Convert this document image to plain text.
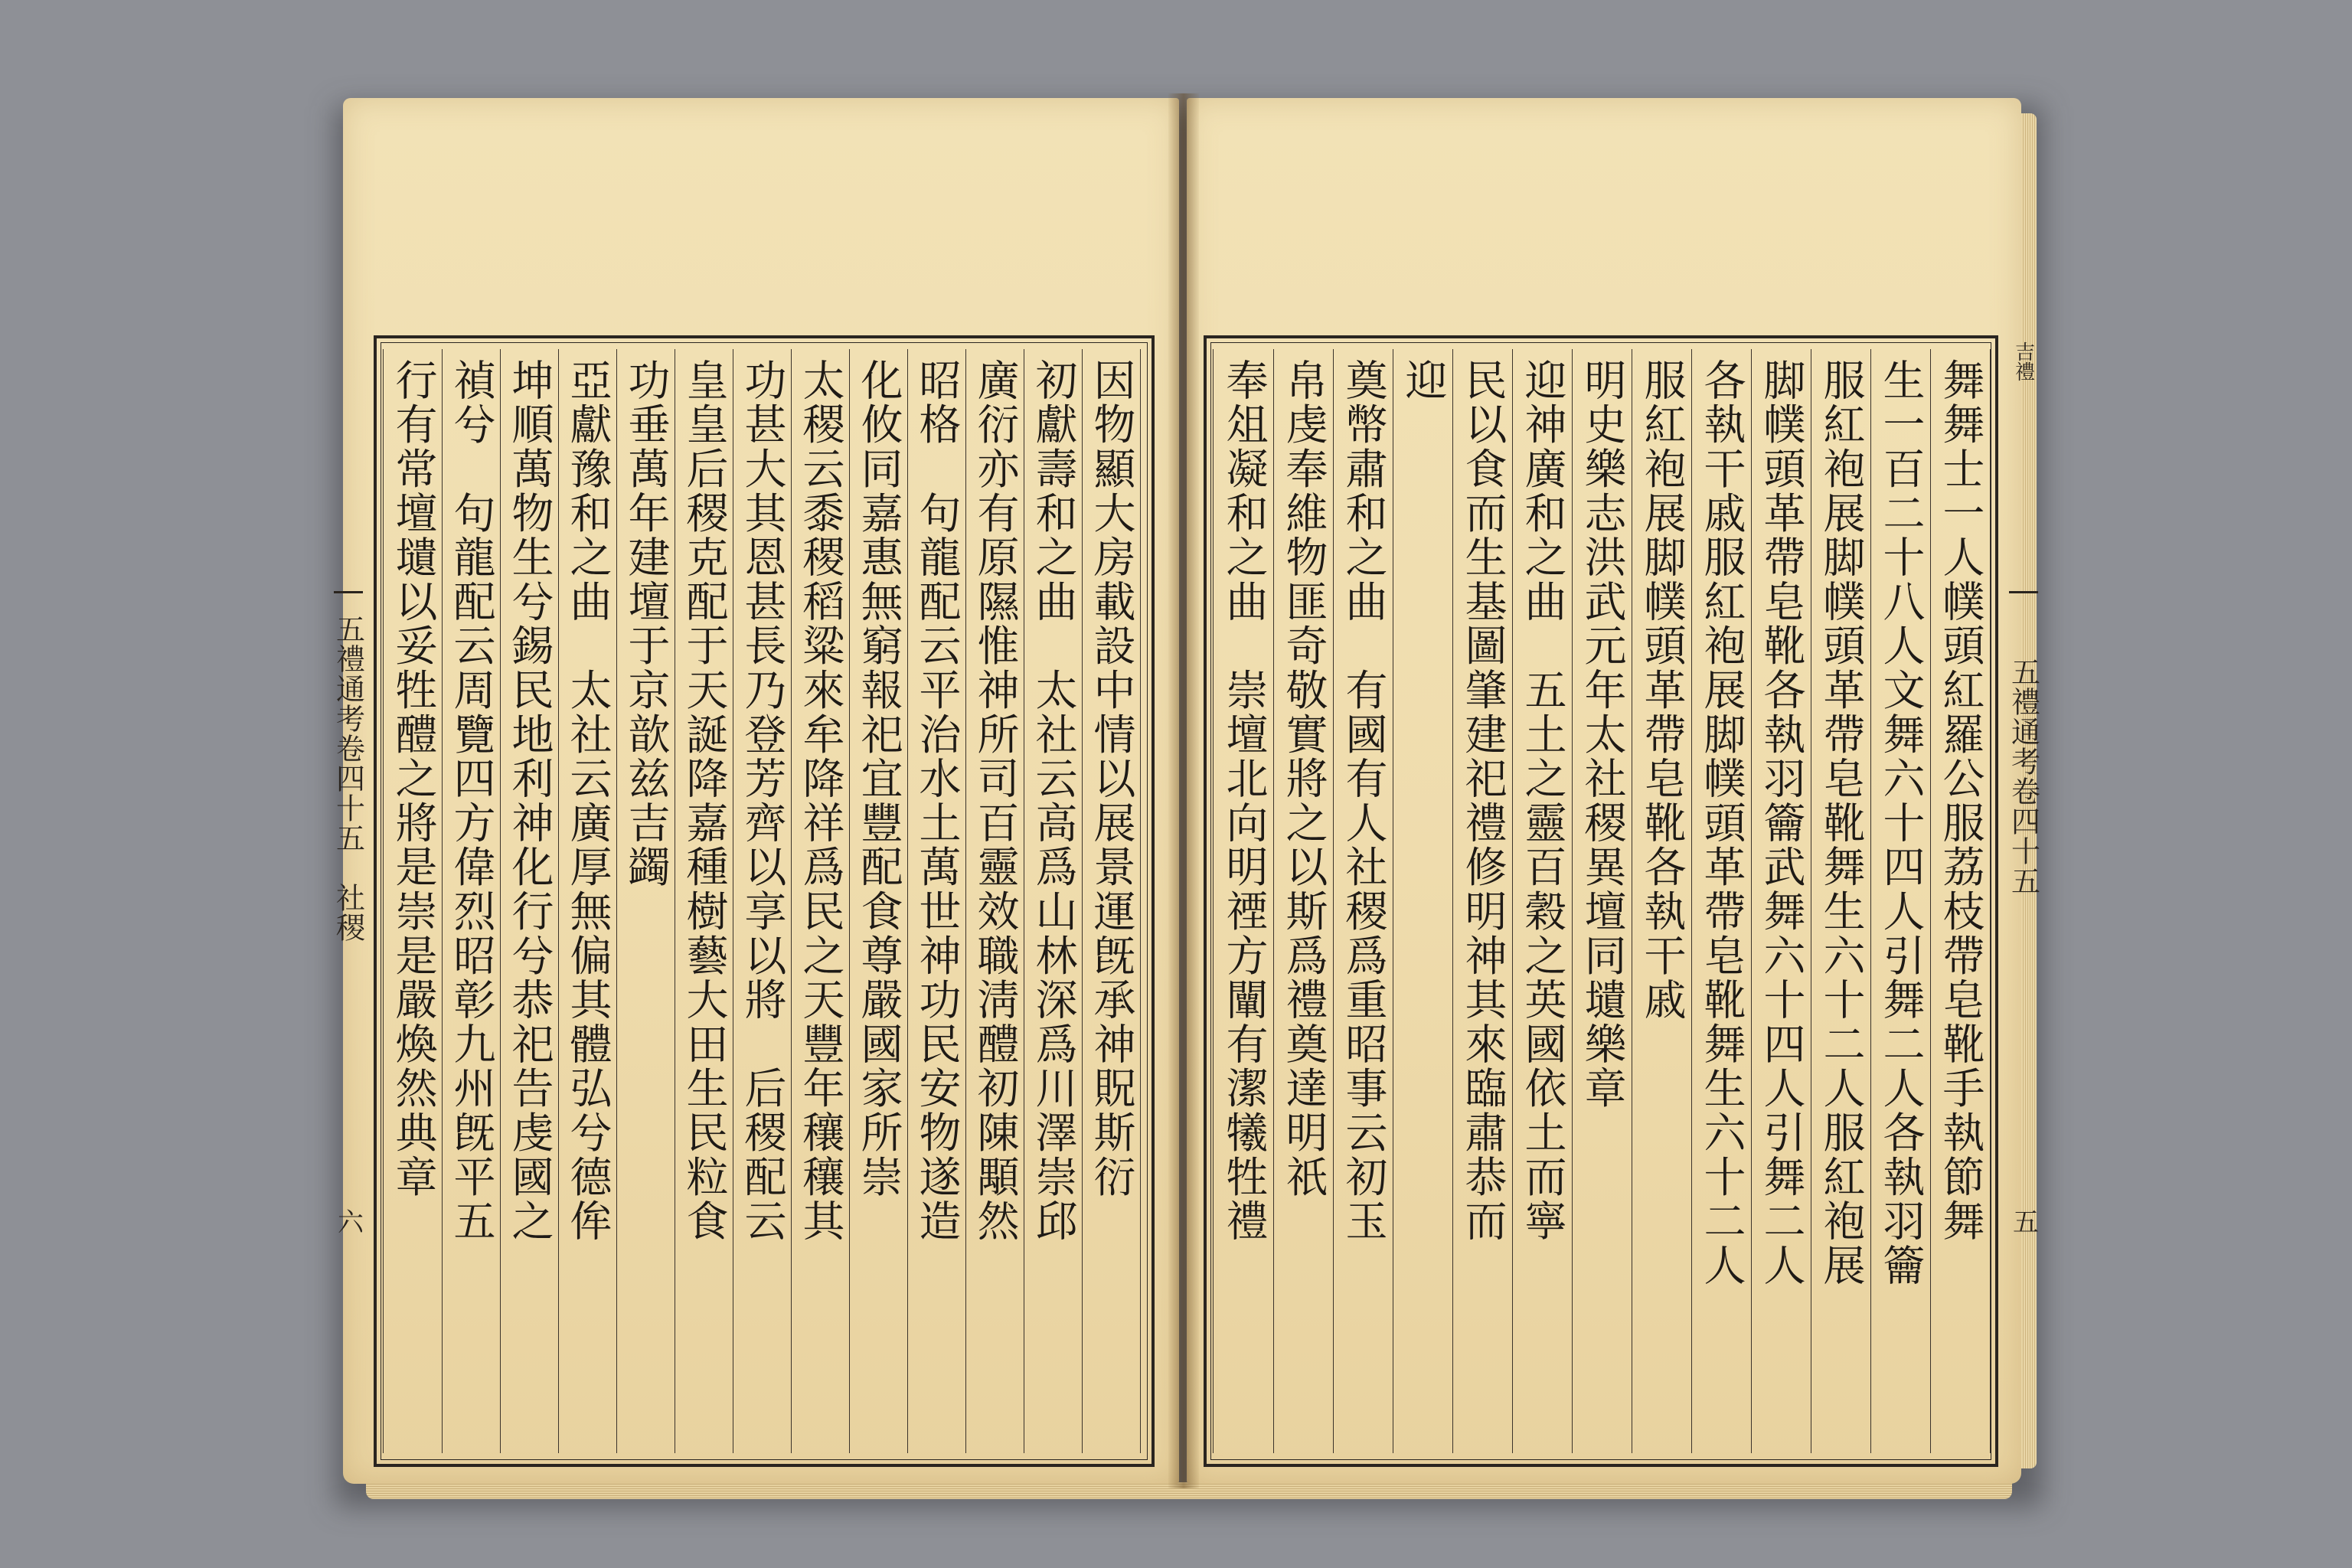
五禮通考卷四十五　社稷
六
因物顯大房載設中情以展景運旣承神貺斯衍
初獻壽和之曲　太社云高爲山林深爲川澤崇邱
廣衍亦有原隰惟神所司百靈效職淸醴初陳顒然
昭格　句龍配云平治水土萬世神功民安物遂造
化攸同嘉惠無窮報祀宜豐配食尊嚴國家所崇
太稷云黍稷稻粱來牟降祥爲民之天豐年穰穰其
功甚大其恩甚長乃登芳齊以享以將　后稷配云
皇皇后稷克配于天誕降嘉種樹藝大田生民粒食
功垂萬年建壇于京歆兹吉蠲
亞獻豫和之曲　太社云廣厚無偏其體弘兮德侔
坤順萬物生兮錫民地利神化行兮恭祀告虔國之
禎兮　句龍配云周覽四方偉烈昭彰九州旣平五
行有常壇壝以妥牲醴之將是崇是嚴煥然典章	吉禮
五禮通考卷四十五
五
舞舞士一人幞頭紅羅公服荔枝帶皂靴手執節舞
生一百二十八人文舞六十四人引舞二人各執羽籥
服紅袍展脚幞頭革帶皂靴舞生六十二人服紅袍展
脚幞頭革帶皂靴各執羽籥武舞六十四人引舞二人
各執干戚服紅袍展脚幞頭革帶皂靴舞生六十二人
服紅袍展脚幞頭革帶皂靴各執干戚
明史樂志洪武元年太社稷異壇同壝樂章
迎神廣和之曲　五土之靈百穀之英國依土而寧
民以食而生基圖肇建祀禮修明神其來臨肅恭而
迎
奠幣肅和之曲　有國有人社稷爲重昭事云初玉
帛虔奉維物匪奇敬實將之以斯爲禮奠達明祇
奉俎凝和之曲　崇壇北向明禋方闡有潔犧牲禮
